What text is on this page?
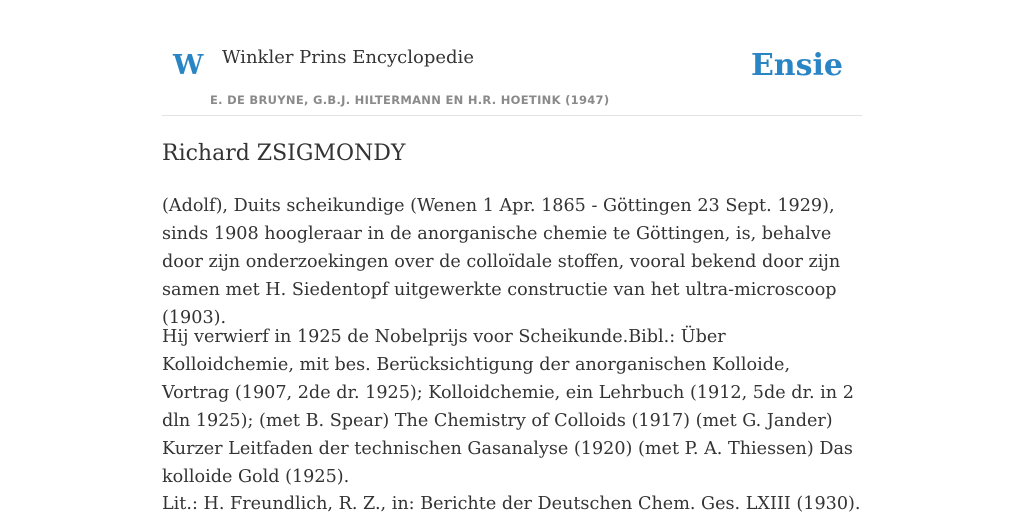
W Winkler Prins Encyclopedie
E. DE BRUYNE, G.B.J. HILTERMANN EN H.R. HOETINK (1947)
Ensie
Richard ZSIGMONDY

(Adolf), Duits scheikundige (Wenen 1 Apr. 1865 - Göttingen 23 Sept. 1929), sinds 1908 hoogleraar in de anorganische chemie te Göttingen, is, behalve door zijn onderzoekingen over de colloïdale stoffen, vooral bekend door zijn samen met H. Siedentopf uitgewerkte constructie van het ultra-microscoop (1903).

Hij verwierf in 1925 de Nobelprijs voor Scheikunde.Bibl.: Über Kolloidchemie, mit bes. Berücksichtigung der anorganischen Kolloide, Vortrag (1907, 2de dr. 1925); Kolloidchemie, ein Lehrbuch (1912, 5de dr. in 2 dln 1925); (met B. Spear) The Chemistry of Colloids (1917) (met G. Jander) Kurzer Leitfaden der technischen Gasanalyse (1920) (met P. A. Thiessen) Das kolloide Gold (1925).

Lit.: H. Freundlich, R. Z., in: Berichte der Deutschen Chem. Ges. LXIII (1930).
